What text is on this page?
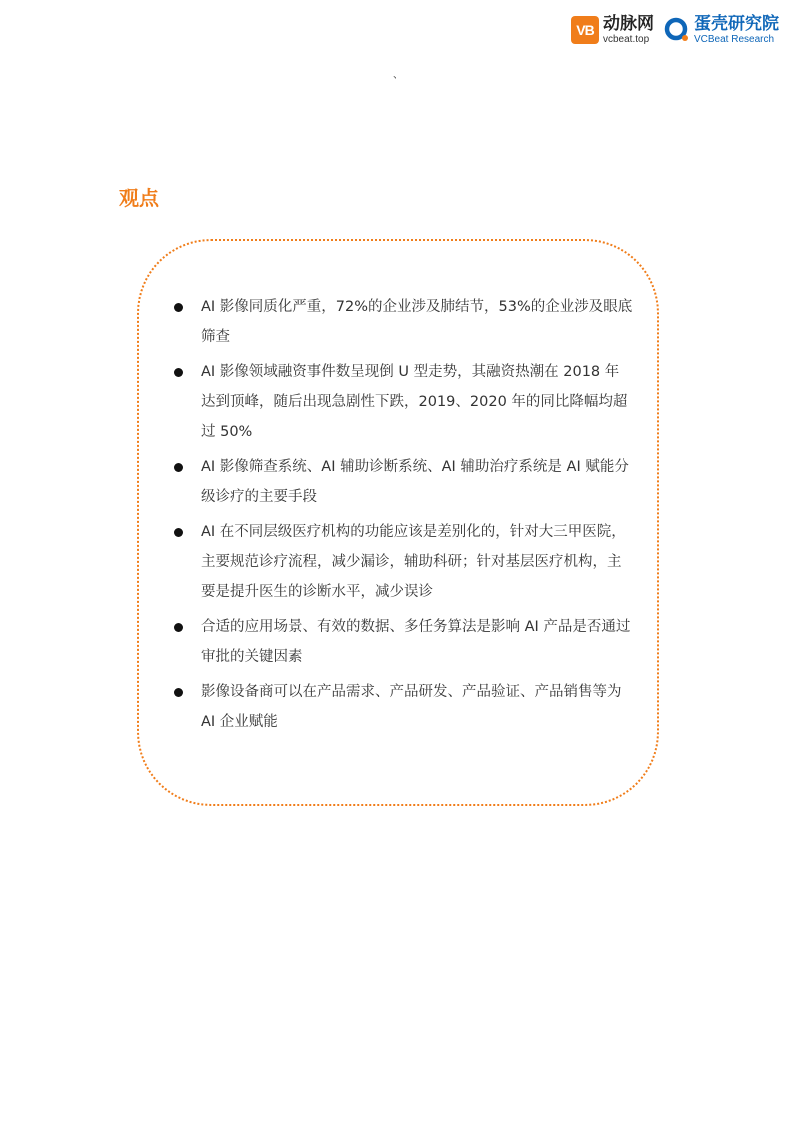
VB 动脉网
vcbeat.top
蛋壳研究院
VCBeat Research
、
观点
AI 影像同质化严重，72%的企业涉及肺结节，53%的企业涉及眼底筛查
AI 影像领域融资事件数呈现倒 U 型走势，其融资热潮在 2018 年达到顶峰，随后出现急剧性下跌，2019、2020 年的同比降幅均超过 50%
AI 影像筛查系统、AI 辅助诊断系统、AI 辅助治疗系统是 AI 赋能分级诊疗的主要手段
AI 在不同层级医疗机构的功能应该是差别化的，针对大三甲医院，主要规范诊疗流程，减少漏诊，辅助科研；针对基层医疗机构，主要是提升医生的诊断水平，减少误诊
合适的应用场景、有效的数据、多任务算法是影响 AI 产品是否通过审批的关键因素
影像设备商可以在产品需求、产品研发、产品验证、产品销售等为 AI 企业赋能
